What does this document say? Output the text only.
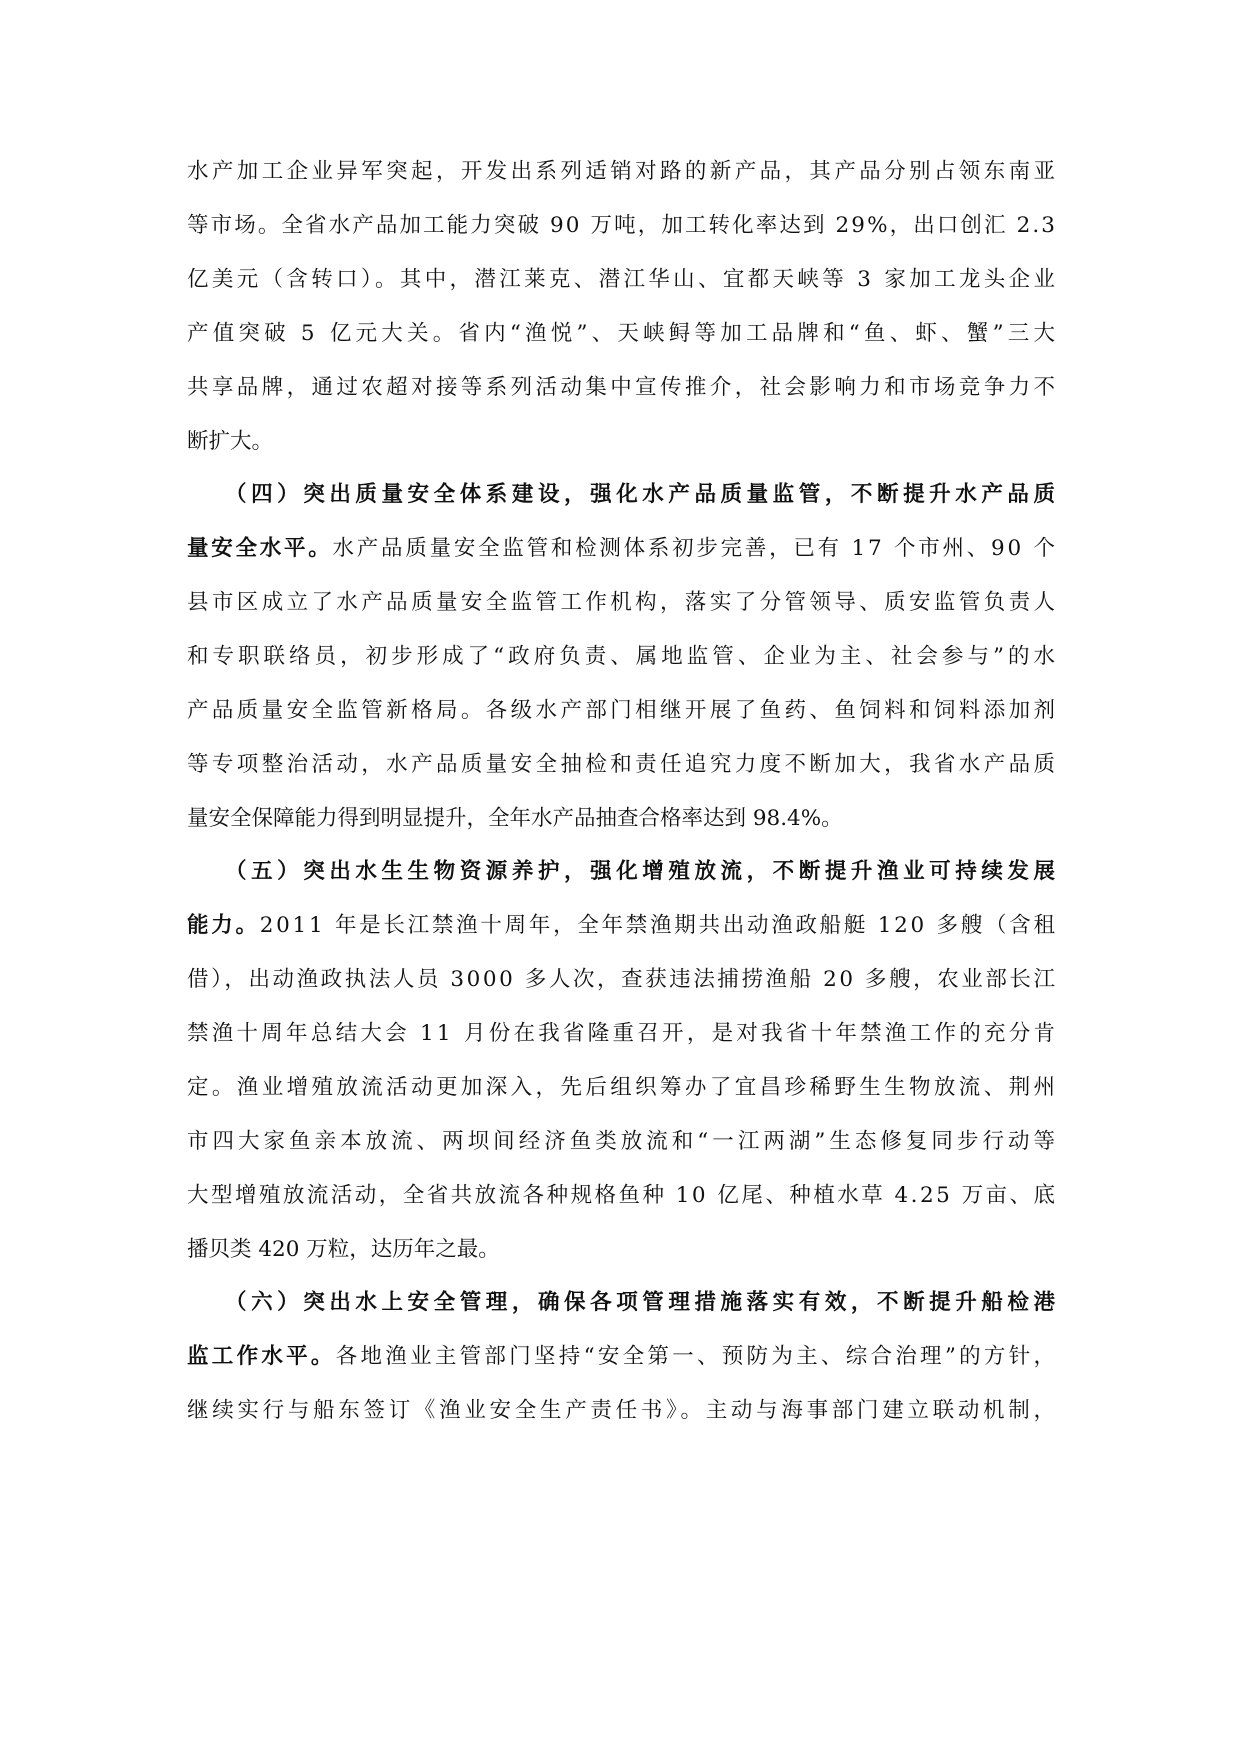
水产加工企业异军突起，开发出系列适销对路的新产品，其产品分别占领东南亚
等市场。全省水产品加工能力突破 90 万吨，加工转化率达到 29%，出口创汇 2.3
亿美元（含转口）。其中，潜江莱克、潜江华山、宜都天峡等 3 家加工龙头企业
产值突破 5 亿元大关。省内“渔悦”、天峡鲟等加工品牌和“鱼、虾、蟹”三大
共享品牌，通过农超对接等系列活动集中宣传推介，社会影响力和市场竞争力不
断扩大。
（四）突出质量安全体系建设，强化水产品质量监管，不断提升水产品质
量安全水平。水产品质量安全监管和检测体系初步完善，已有 17 个市州、90 个
县市区成立了水产品质量安全监管工作机构，落实了分管领导、质安监管负责人
和专职联络员，初步形成了“政府负责、属地监管、企业为主、社会参与”的水
产品质量安全监管新格局。各级水产部门相继开展了鱼药、鱼饲料和饲料添加剂
等专项整治活动，水产品质量安全抽检和责任追究力度不断加大，我省水产品质
量安全保障能力得到明显提升，全年水产品抽查合格率达到 98.4%。
（五）突出水生生物资源养护，强化增殖放流，不断提升渔业可持续发展
能力。2011 年是长江禁渔十周年，全年禁渔期共出动渔政船艇 120 多艘（含租
借），出动渔政执法人员 3000 多人次，查获违法捕捞渔船 20 多艘，农业部长江
禁渔十周年总结大会 11 月份在我省隆重召开，是对我省十年禁渔工作的充分肯
定。渔业增殖放流活动更加深入，先后组织筹办了宜昌珍稀野生生物放流、荆州
市四大家鱼亲本放流、两坝间经济鱼类放流和“一江两湖”生态修复同步行动等
大型增殖放流活动，全省共放流各种规格鱼种 10 亿尾、种植水草 4.25 万亩、底
播贝类 420 万粒，达历年之最。
（六）突出水上安全管理，确保各项管理措施落实有效，不断提升船检港
监工作水平。各地渔业主管部门坚持“安全第一、预防为主、综合治理”的方针，
继续实行与船东签订《渔业安全生产责任书》。主动与海事部门建立联动机制，
